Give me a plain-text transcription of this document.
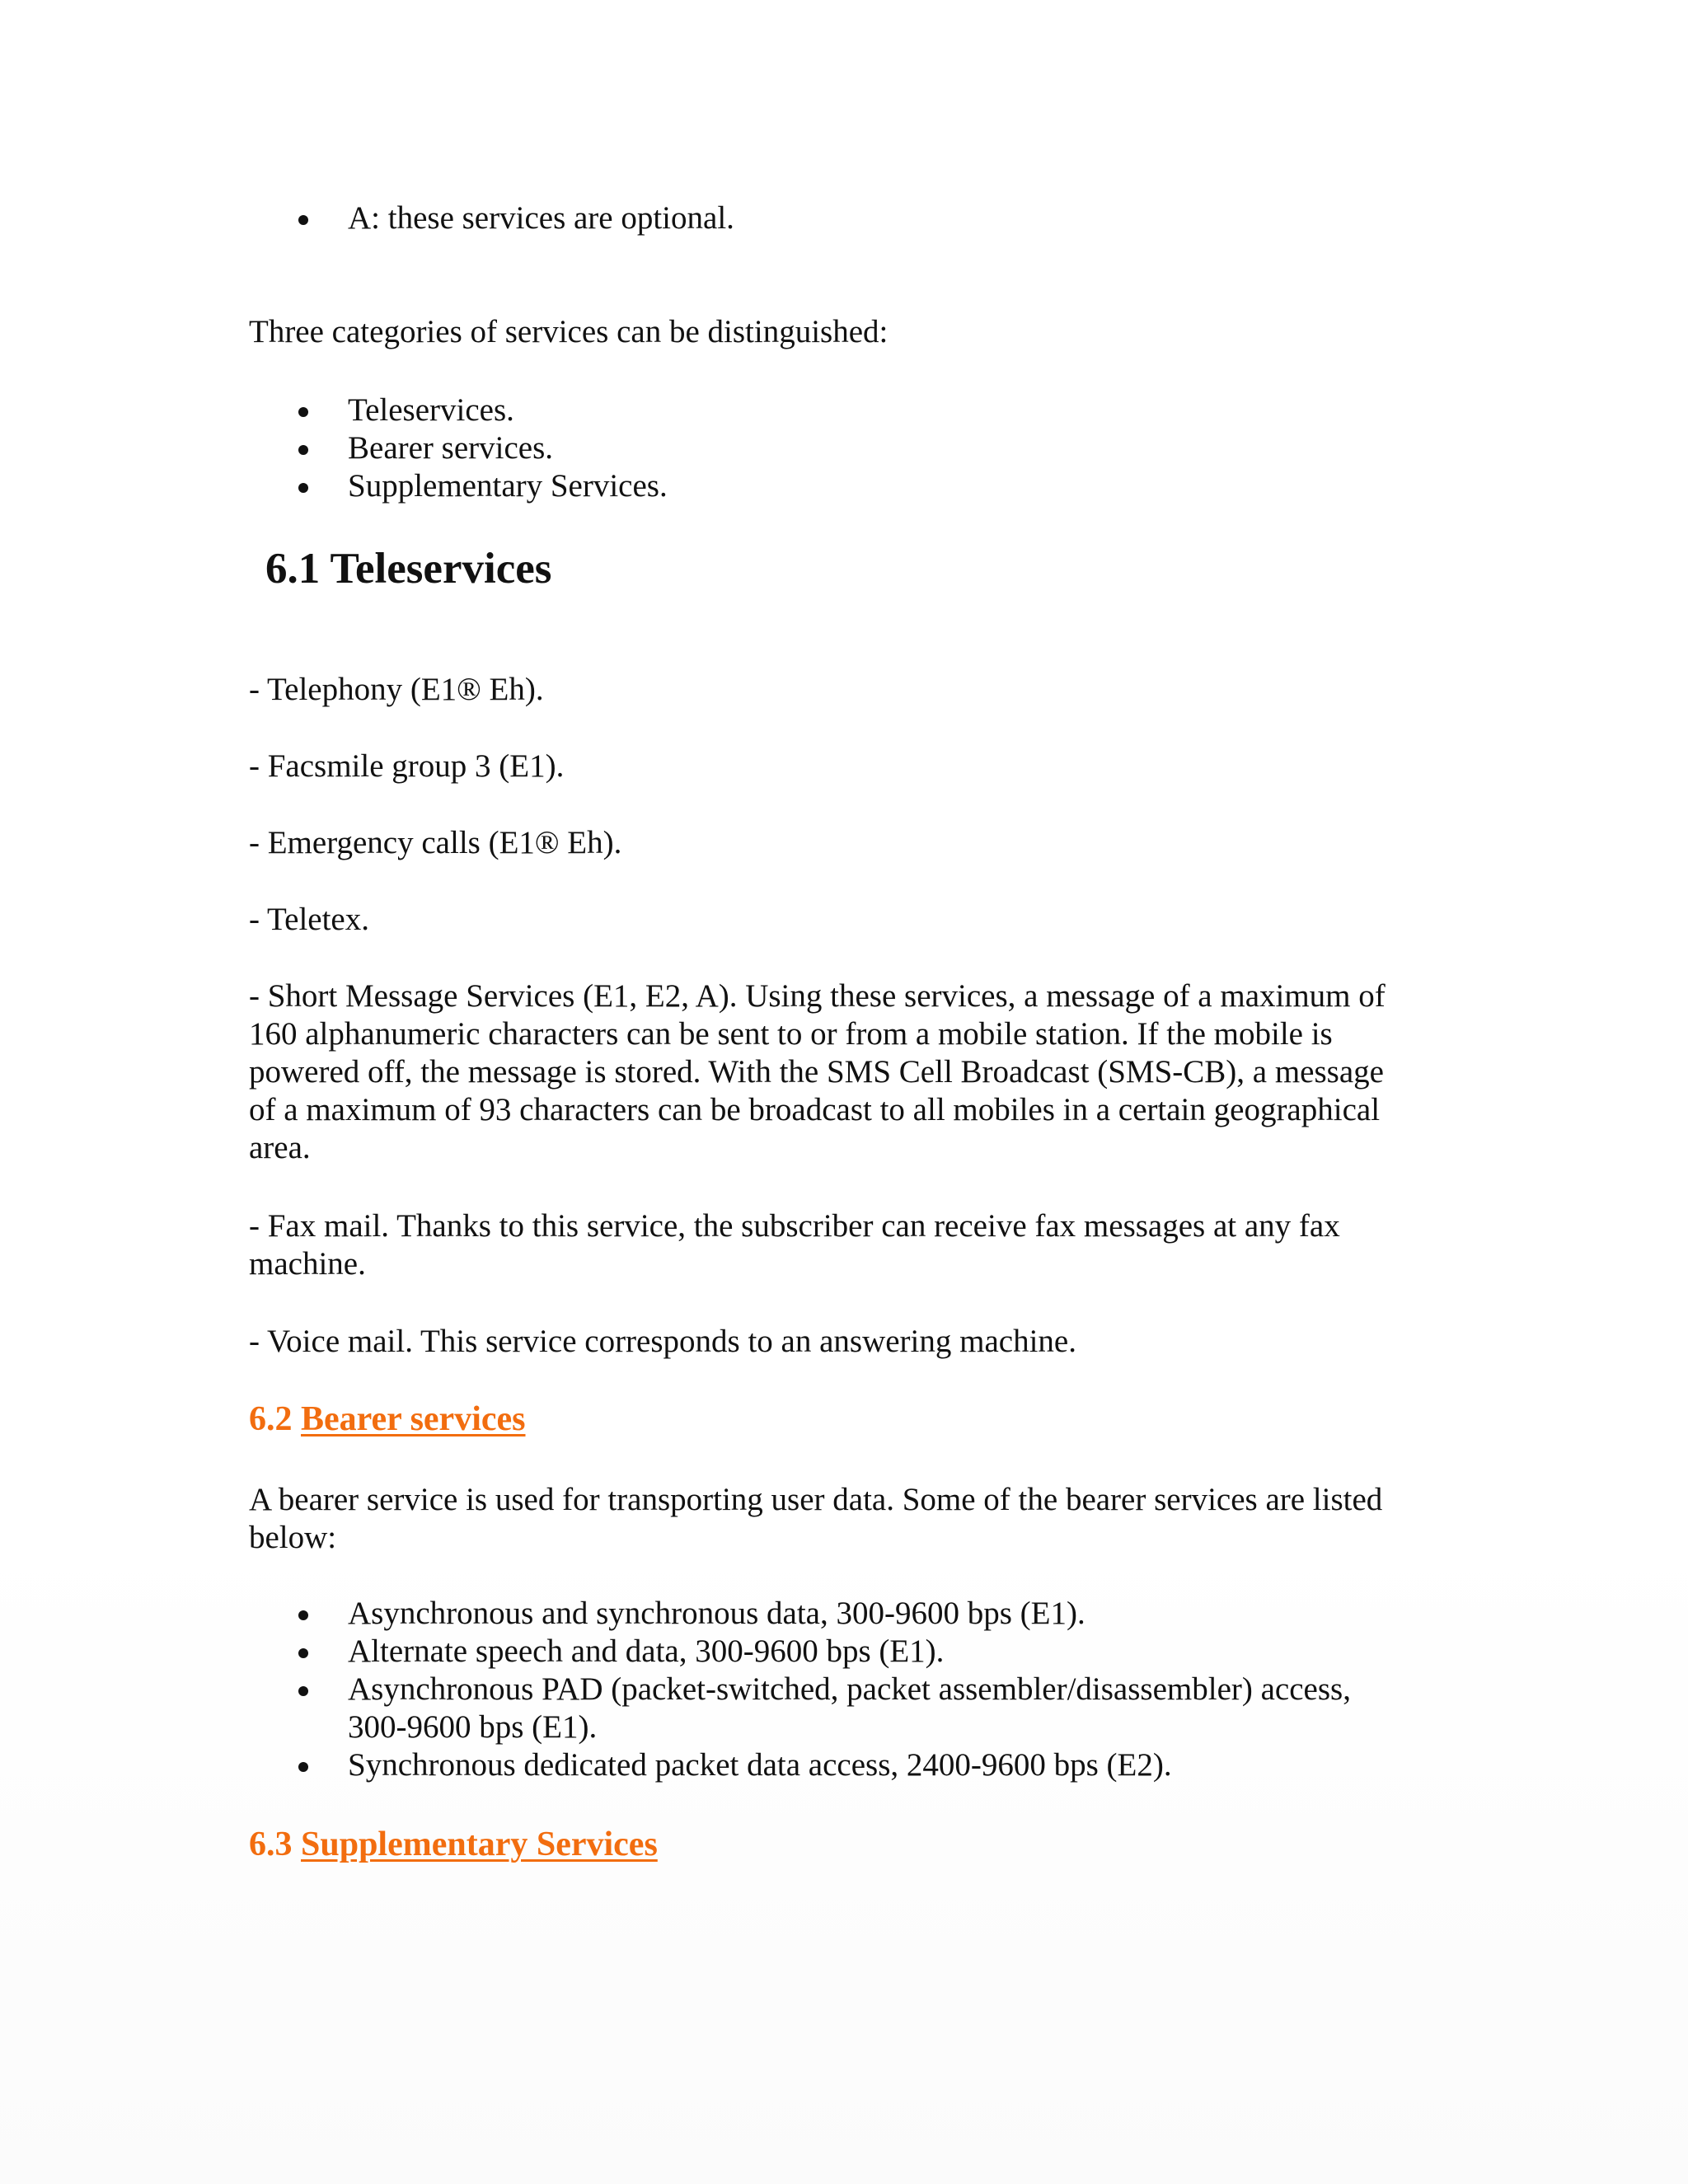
A: these services are optional.

Three categories of services can be distinguished:

Teleservices.
Bearer services.
Supplementary Services.
6.1 Teleservices

- Telephony (E1® Eh).

- Facsmile group 3 (E1).

- Emergency calls (E1® Eh).

- Teletex.

- Short Message Services (E1, E2, A). Using these services, a message of a maximum of
160 alphanumeric characters can be sent to or from a mobile station. If the mobile is
powered off, the message is stored. With the SMS Cell Broadcast (SMS-CB), a message
of a maximum of 93 characters can be broadcast to all mobiles in a certain geographical
area.
- Fax mail. Thanks to this service, the subscriber can receive fax messages at any fax
machine.

- Voice mail. This service corresponds to an answering machine.

6.2 Bearer services
A bearer service is used for transporting user data. Some of the bearer services are listed
below:
Asynchronous and synchronous data, 300-9600 bps (E1).
Alternate speech and data, 300-9600 bps (E1).
Asynchronous PAD (packet-switched, packet assembler/disassembler) access,
300-9600 bps (E1).
Synchronous dedicated packet data access, 2400-9600 bps (E2).
6.3 Supplementary Services
